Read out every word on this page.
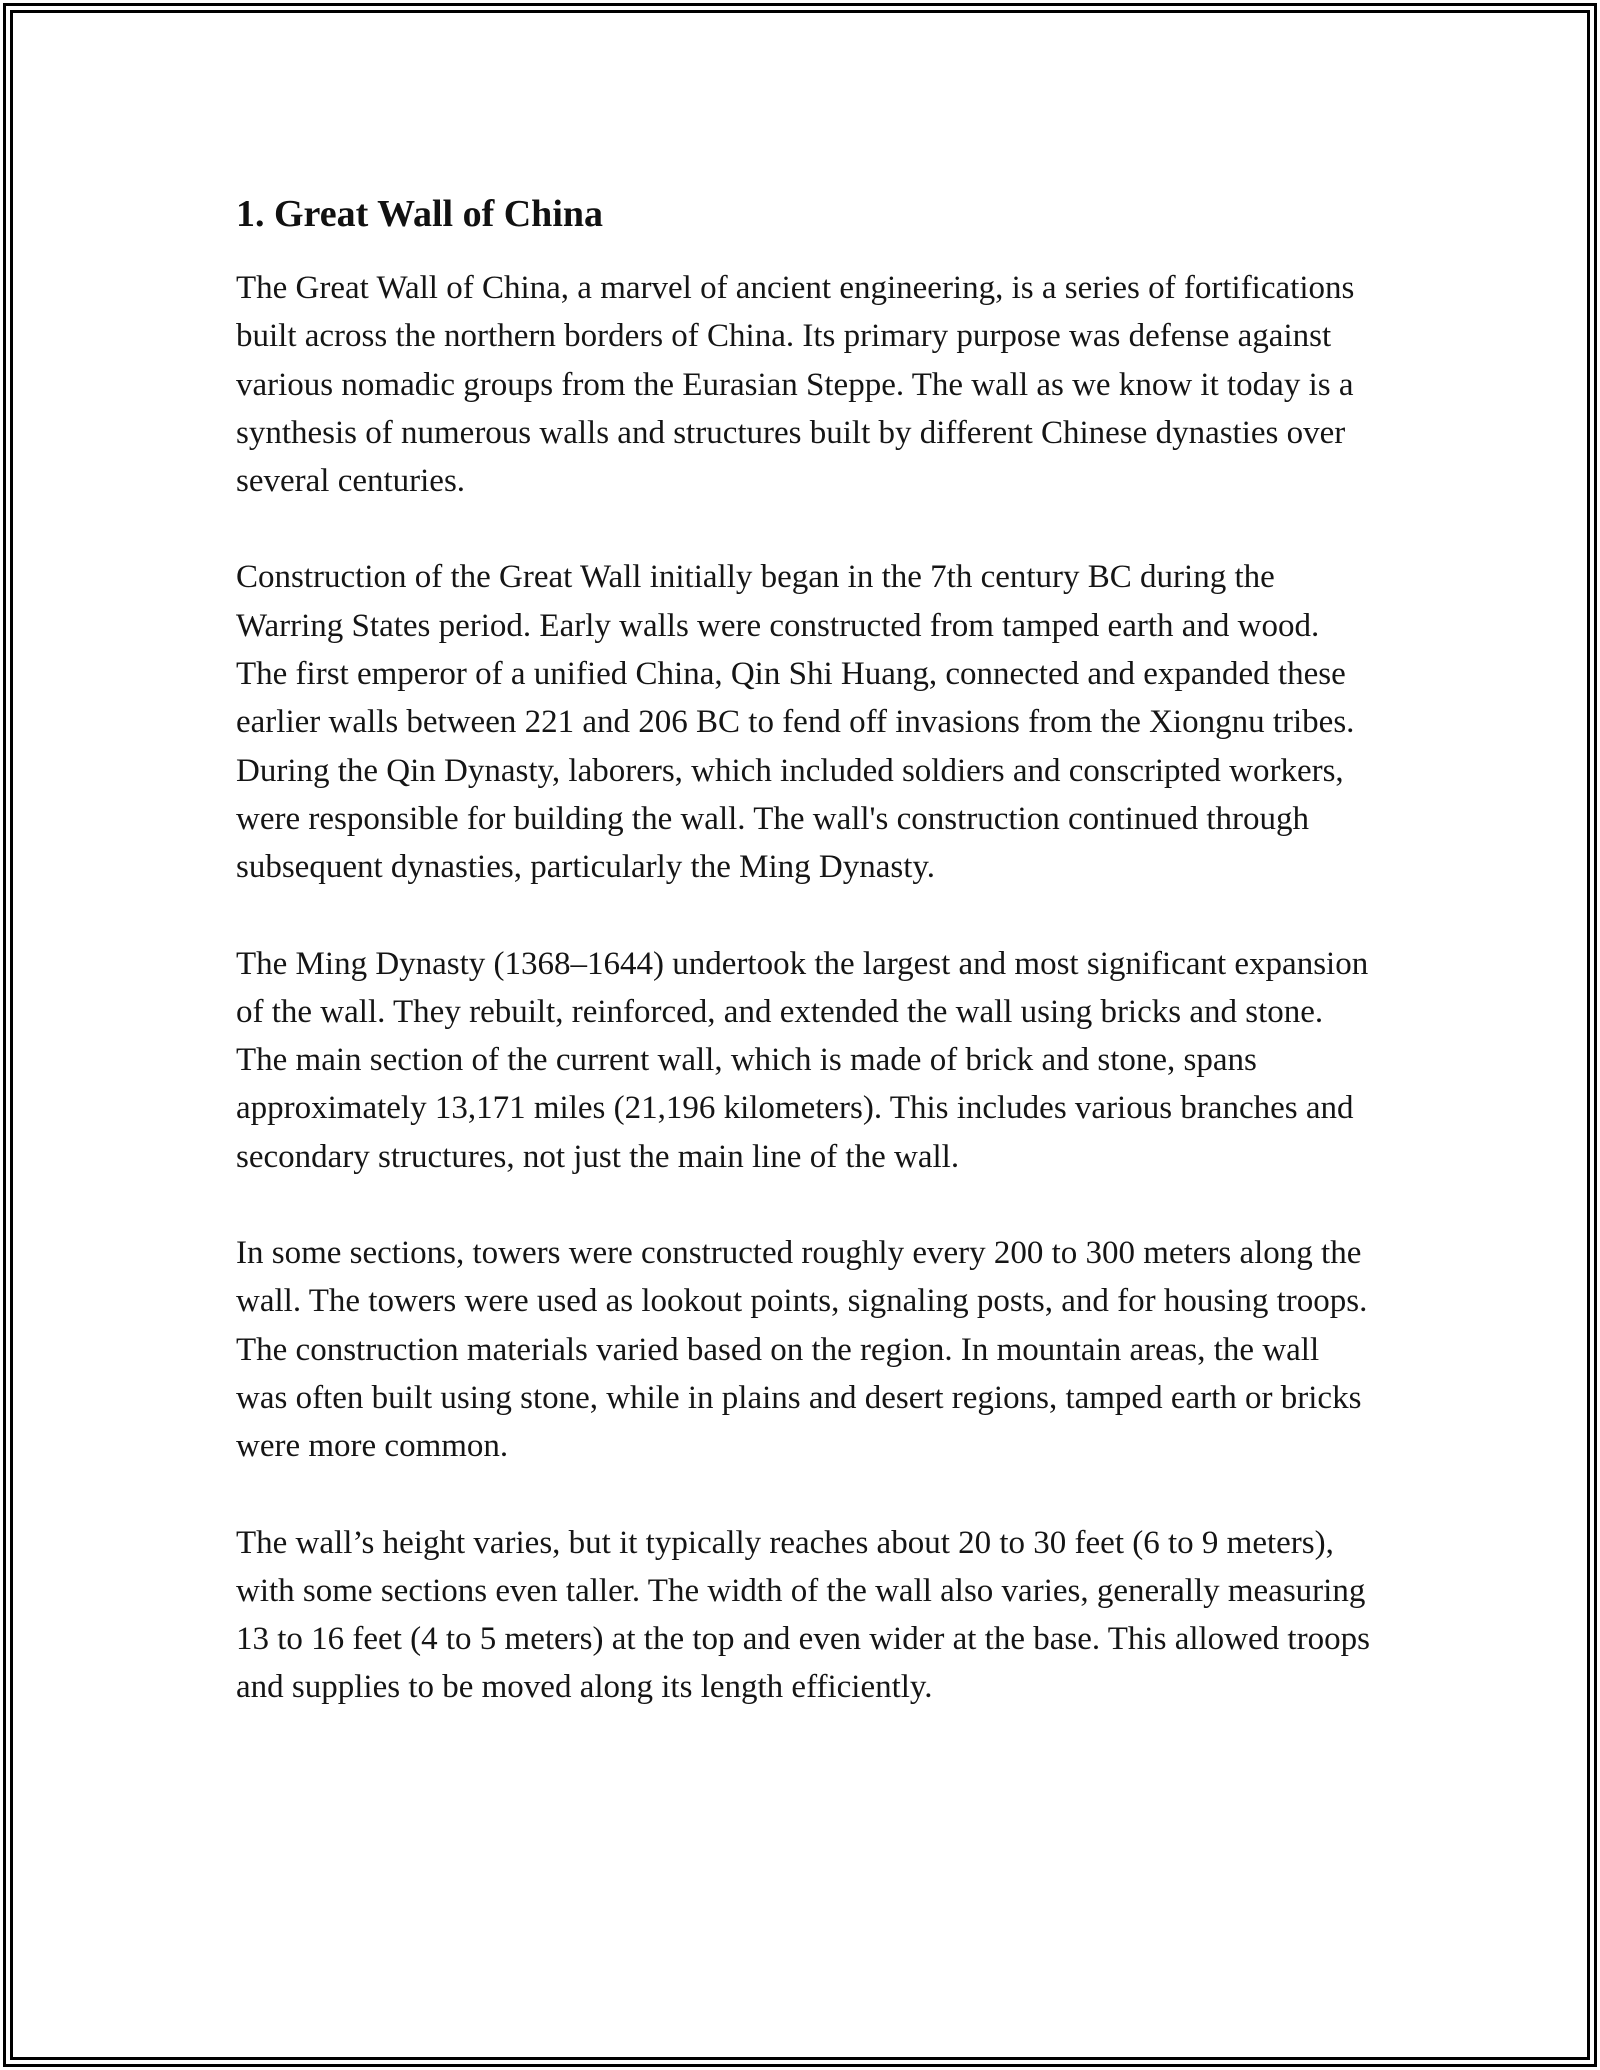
1. Great Wall of China

The Great Wall of China, a marvel of ancient engineering, is a series of fortifications built across the northern borders of China. Its primary purpose was defense against various nomadic groups from the Eurasian Steppe. The wall as we know it today is a synthesis of numerous walls and structures built by different Chinese dynasties over several centuries.

Construction of the Great Wall initially began in the 7th century BC during the Warring States period. Early walls were constructed from tamped earth and wood. The first emperor of a unified China, Qin Shi Huang, connected and expanded these earlier walls between 221 and 206 BC to fend off invasions from the Xiongnu tribes. During the Qin Dynasty, laborers, which included soldiers and conscripted workers, were responsible for building the wall. The wall's construction continued through subsequent dynasties, particularly the Ming Dynasty.

The Ming Dynasty (1368–1644) undertook the largest and most significant expansion of the wall. They rebuilt, reinforced, and extended the wall using bricks and stone. The main section of the current wall, which is made of brick and stone, spans approximately 13,171 miles (21,196 kilometers). This includes various branches and secondary structures, not just the main line of the wall.

In some sections, towers were constructed roughly every 200 to 300 meters along the wall. The towers were used as lookout points, signaling posts, and for housing troops. The construction materials varied based on the region. In mountain areas, the wall was often built using stone, while in plains and desert regions, tamped earth or bricks were more common.

The wall’s height varies, but it typically reaches about 20 to 30 feet (6 to 9 meters), with some sections even taller. The width of the wall also varies, generally measuring 13 to 16 feet (4 to 5 meters) at the top and even wider at the base. This allowed troops and supplies to be moved along its length efficiently.
